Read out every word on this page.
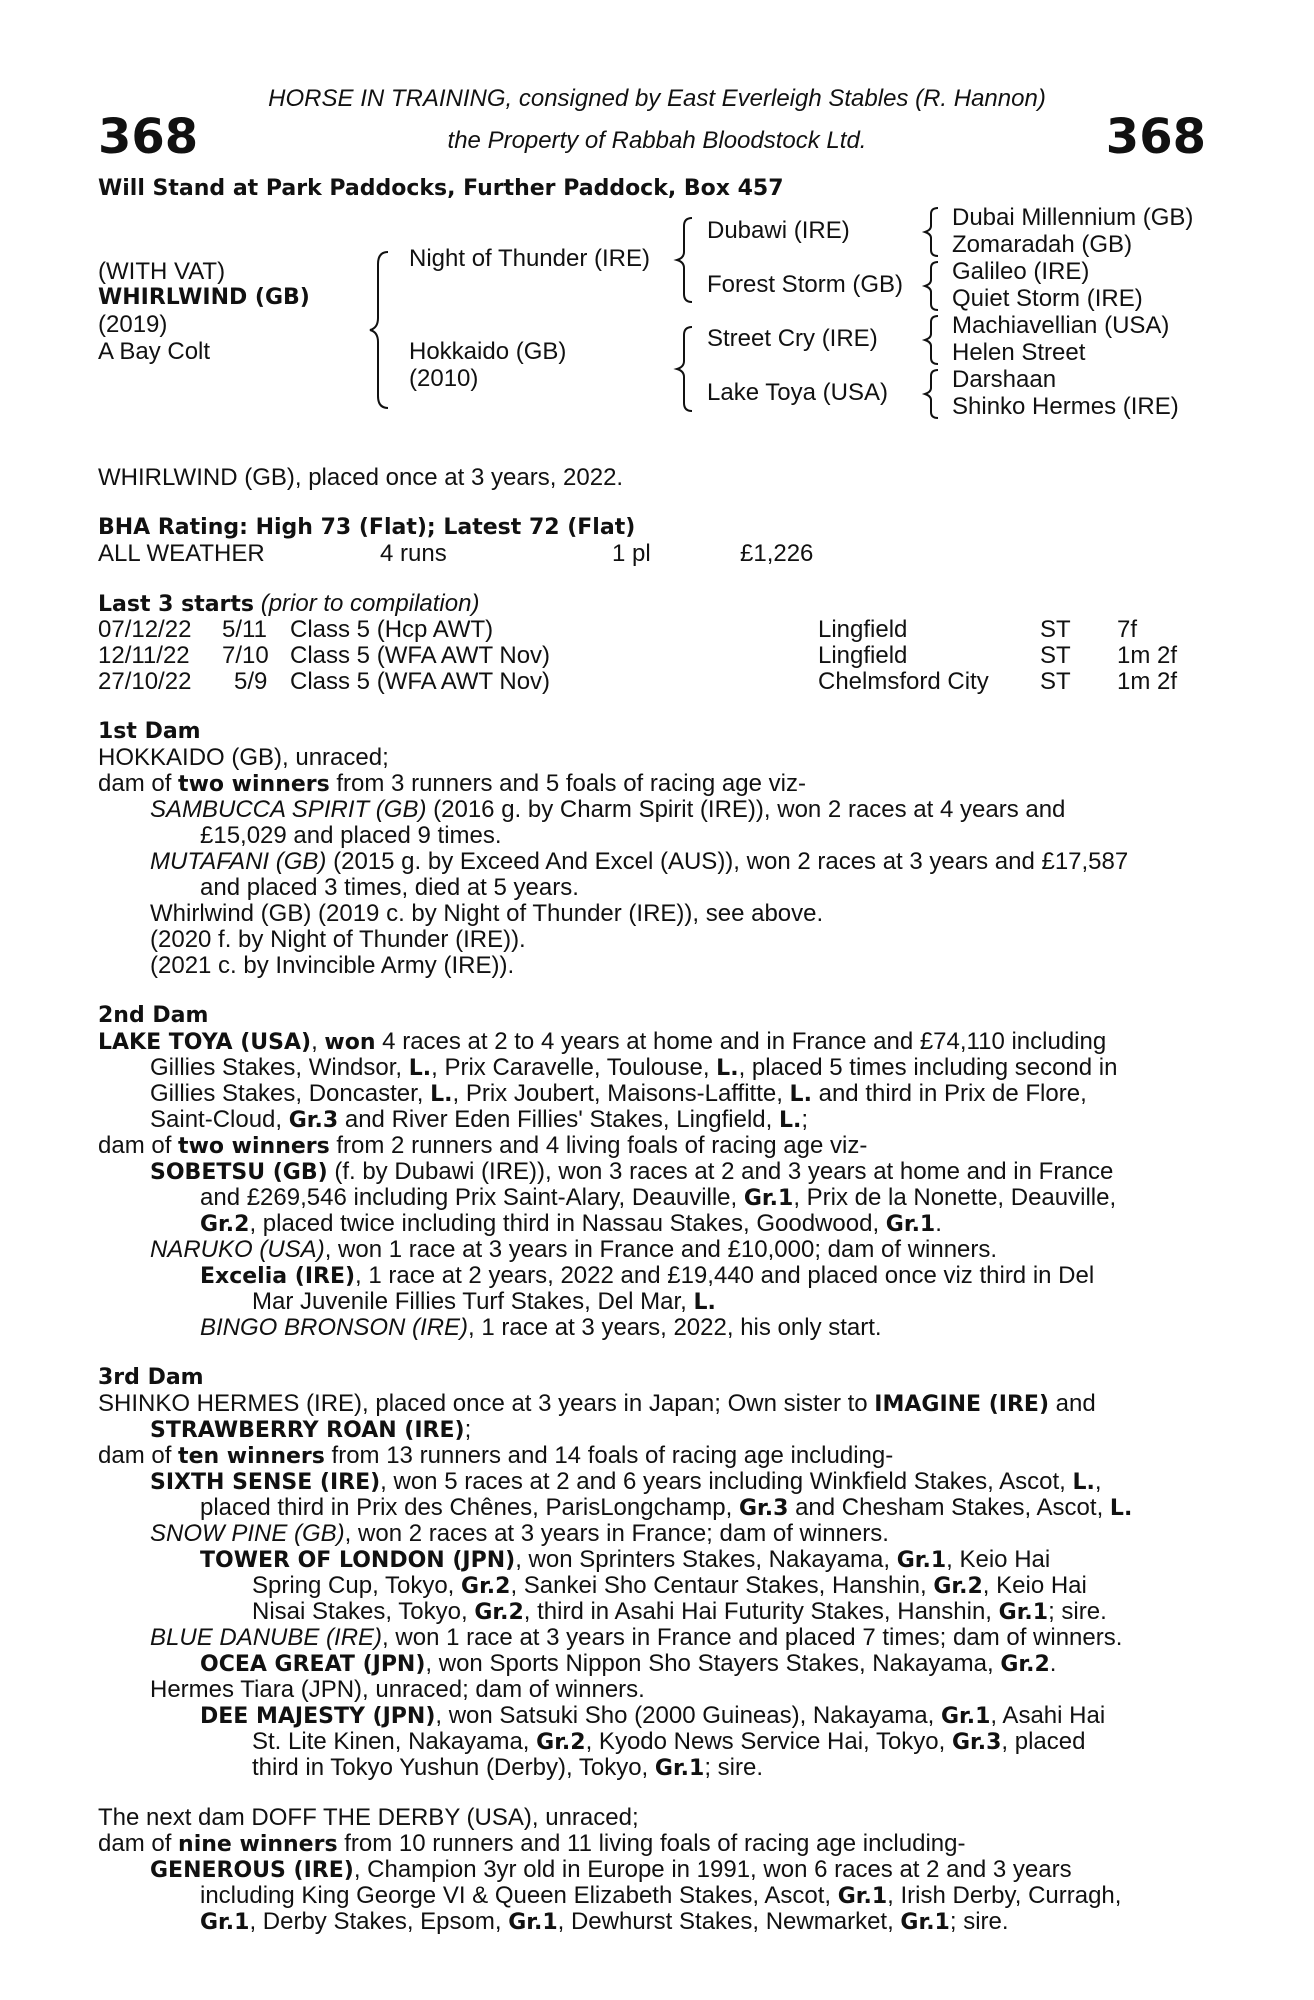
368	368
HORSE IN TRAINING, consigned by East Everleigh Stables (R. Hannon)
the Property of Rabbah Bloodstock Ltd.
Will Stand at Park Paddocks, Further Paddock, Box 457
(WITH VAT)
WHIRLWIND (GB)
(2019)
A Bay Colt
Night of Thunder (IRE)
Hokkaido (GB)
(2010)
Dubawi (IRE)
Forest Storm (GB)
Street Cry (IRE)
Lake Toya (USA)
Dubai Millennium (GB)
Zomaradah (GB)
Galileo (IRE)
Quiet Storm (IRE)
Machiavellian (USA)
Helen Street
Darshaan
Shinko Hermes (IRE)
WHIRLWIND (GB), placed once at 3 years, 2022.
BHA Rating: High 73 (Flat); Latest 72 (Flat)
ALL WEATHER	4 runs	1 pl	£1,226
Last 3 starts (prior to compilation)
07/12/22 5/11 Class 5 (Hcp AWT)	Lingfield	ST 7f
12/11/22 7/10 Class 5 (WFA AWT Nov)	Lingfield	ST 1m 2f
27/10/22 5/9 Class 5 (WFA AWT Nov)	Chelmsford City ST 1m 2f
1st Dam
HOKKAIDO (GB), unraced;
dam of two winners from 3 runners and 5 foals of racing age viz-
SAMBUCCA SPIRIT (GB) (2016 g. by Charm Spirit (IRE)), won 2 races at 4 years and
£15,029 and placed 9 times.
MUTAFANI (GB) (2015 g. by Exceed And Excel (AUS)), won 2 races at 3 years and £17,587
and placed 3 times, died at 5 years.
Whirlwind (GB) (2019 c. by Night of Thunder (IRE)), see above.
(2020 f. by Night of Thunder (IRE)).
(2021 c. by Invincible Army (IRE)).
2nd Dam
LAKE TOYA (USA), won 4 races at 2 to 4 years at home and in France and £74,110 including
Gillies Stakes, Windsor, L., Prix Caravelle, Toulouse, L., placed 5 times including second in
Gillies Stakes, Doncaster, L., Prix Joubert, Maisons-Laffitte, L. and third in Prix de Flore,
Saint-Cloud, Gr.3 and River Eden Fillies' Stakes, Lingfield, L.;
dam of two winners from 2 runners and 4 living foals of racing age viz-
SOBETSU (GB) (f. by Dubawi (IRE)), won 3 races at 2 and 3 years at home and in France
and £269,546 including Prix Saint-Alary, Deauville, Gr.1, Prix de la Nonette, Deauville,
Gr.2, placed twice including third in Nassau Stakes, Goodwood, Gr.1.
NARUKO (USA), won 1 race at 3 years in France and £10,000; dam of winners.
Excelia (IRE), 1 race at 2 years, 2022 and £19,440 and placed once viz third in Del
Mar Juvenile Fillies Turf Stakes, Del Mar, L.
BINGO BRONSON (IRE), 1 race at 3 years, 2022, his only start.
3rd Dam
SHINKO HERMES (IRE), placed once at 3 years in Japan; Own sister to IMAGINE (IRE) and
STRAWBERRY ROAN (IRE);
dam of ten winners from 13 runners and 14 foals of racing age including-
SIXTH SENSE (IRE), won 5 races at 2 and 6 years including Winkfield Stakes, Ascot, L.,
placed third in Prix des Chênes, ParisLongchamp, Gr.3 and Chesham Stakes, Ascot, L.
SNOW PINE (GB), won 2 races at 3 years in France; dam of winners.
TOWER OF LONDON (JPN), won Sprinters Stakes, Nakayama, Gr.1, Keio Hai
Spring Cup, Tokyo, Gr.2, Sankei Sho Centaur Stakes, Hanshin, Gr.2, Keio Hai
Nisai Stakes, Tokyo, Gr.2, third in Asahi Hai Futurity Stakes, Hanshin, Gr.1; sire.
BLUE DANUBE (IRE), won 1 race at 3 years in France and placed 7 times; dam of winners.
OCEA GREAT (JPN), won Sports Nippon Sho Stayers Stakes, Nakayama, Gr.2.
Hermes Tiara (JPN), unraced; dam of winners.
DEE MAJESTY (JPN), won Satsuki Sho (2000 Guineas), Nakayama, Gr.1, Asahi Hai
St. Lite Kinen, Nakayama, Gr.2, Kyodo News Service Hai, Tokyo, Gr.3, placed
third in Tokyo Yushun (Derby), Tokyo, Gr.1; sire.
The next dam DOFF THE DERBY (USA), unraced;
dam of nine winners from 10 runners and 11 living foals of racing age including-
GENEROUS (IRE), Champion 3yr old in Europe in 1991, won 6 races at 2 and 3 years
including King George VI & Queen Elizabeth Stakes, Ascot, Gr.1, Irish Derby, Curragh,
Gr.1, Derby Stakes, Epsom, Gr.1, Dewhurst Stakes, Newmarket, Gr.1; sire.
